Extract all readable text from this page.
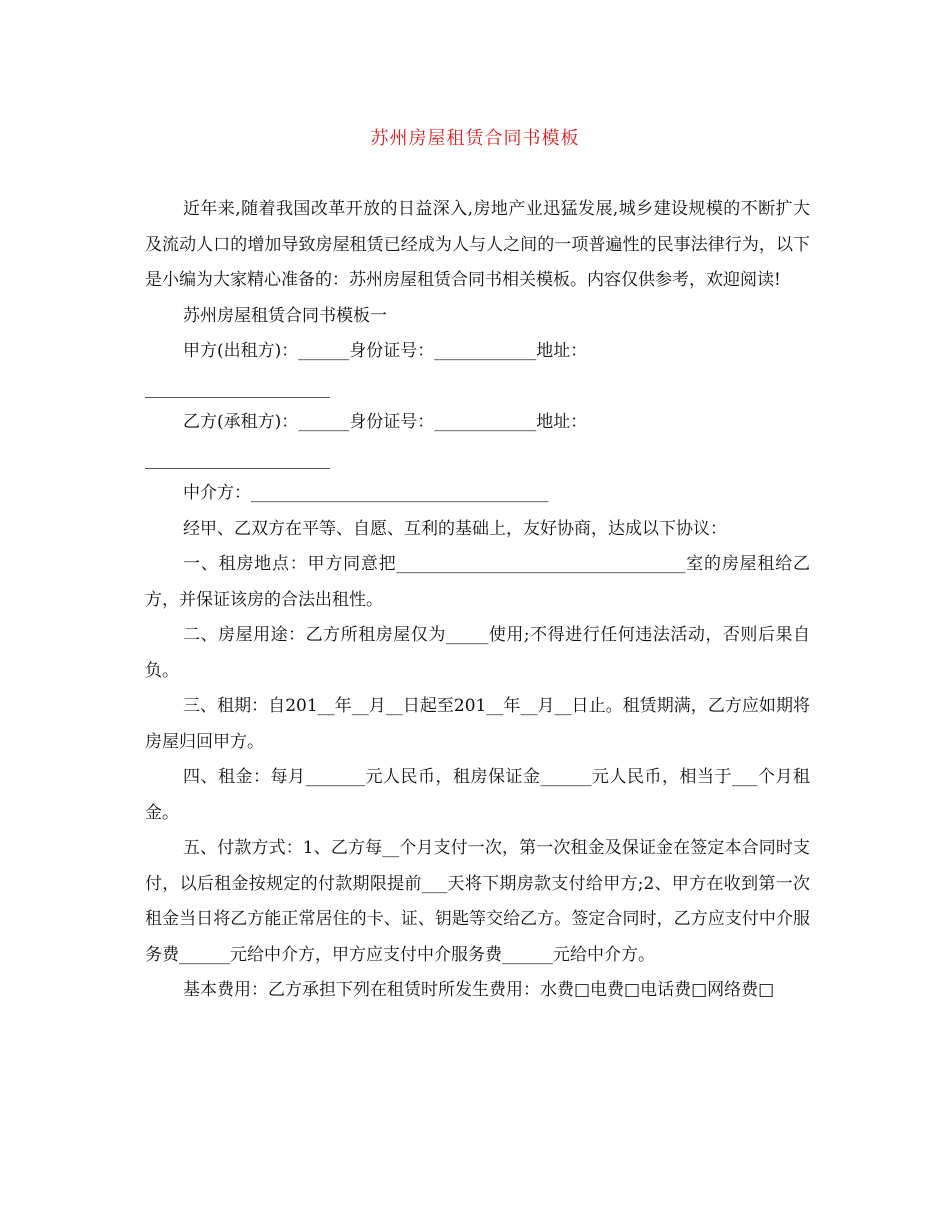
苏州房屋租赁合同书模板

近年来,随着我国改革开放的日益深入,房地产业迅猛发展,城乡建设规模的不断扩大及流动人口的增加导致房屋租赁已经成为人与人之间的一项普遍性的民事法律行为，以下是小编为大家精心准备的：苏州房屋租赁合同书相关模板。内容仅供参考，欢迎阅读!

苏州房屋租赁合同书模板一

甲方(出租方)：______身份证号：____________地址：

乙方(承租方)：______身份证号：____________地址：

中介方：___________________________________

经甲、乙双方在平等、自愿、互利的基础上，友好协商，达成以下协议：

一、租房地点：甲方同意把__________________________________室的房屋租给乙方，并保证该房的合法出租性。

二、房屋用途：乙方所租房屋仅为_____使用;不得进行任何违法活动，否则后果自负。

三、租期：自201__年__月__日起至201__年__月__日止。租赁期满，乙方应如期将房屋归回甲方。

四、租金：每月_______元人民币，租房保证金______元人民币，相当于___个月租金。

五、付款方式：1、乙方每__个月支付一次，第一次租金及保证金在签定本合同时支付，以后租金按规定的付款期限提前___天将下期房款支付给甲方;2、甲方在收到第一次租金当日将乙方能正常居住的卡、证、钥匙等交给乙方。签定合同时，乙方应支付中介服务费______元给中介方，甲方应支付中介服务费______元给中介方。

基本费用：乙方承担下列在租赁时所发生费用：水费□电费□电话费□网络费□
